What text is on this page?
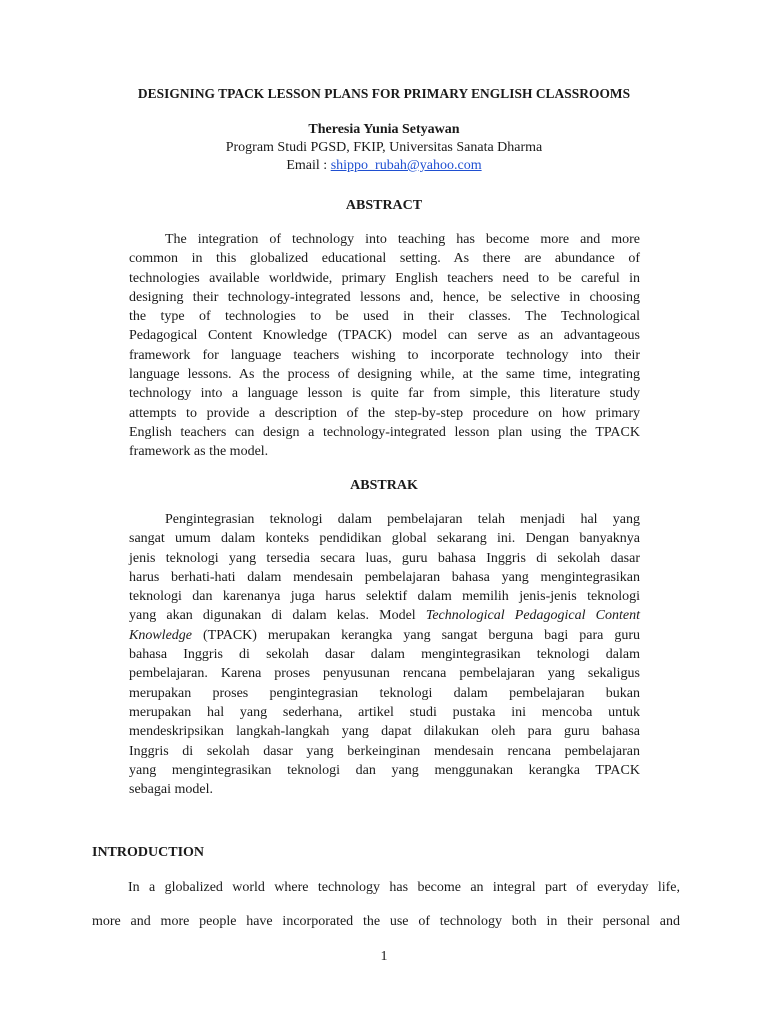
DESIGNING TPACK LESSON PLANS FOR PRIMARY ENGLISH CLASSROOMS
Theresia Yunia Setyawan
Program Studi PGSD, FKIP, Universitas Sanata Dharma
Email : shippo_rubah@yahoo.com
ABSTRACT
The integration of technology into teaching has become more and more
common in this globalized educational setting. As there are abundance of
technologies available worldwide, primary English teachers need to be careful in
designing their technology-integrated lessons and, hence, be selective in choosing
the type of technologies to be used in their classes. The Technological
Pedagogical Content Knowledge (TPACK) model can serve as an advantageous
framework for language teachers wishing to incorporate technology into their
language lessons. As the process of designing while, at the same time, integrating
technology into a language lesson is quite far from simple, this literature study
attempts to provide a description of the step-by-step procedure on how primary
English teachers can design a technology-integrated lesson plan using the TPACK
framework as the model.
ABSTRAK
Pengintegrasian teknologi dalam pembelajaran telah menjadi hal yang
sangat umum dalam konteks pendidikan global sekarang ini. Dengan banyaknya
jenis teknologi yang tersedia secara luas, guru bahasa Inggris di sekolah dasar
harus berhati-hati dalam mendesain pembelajaran bahasa yang mengintegrasikan
teknologi dan karenanya juga harus selektif dalam memilih jenis-jenis teknologi
yang akan digunakan di dalam kelas. Model Technological Pedagogical Content
Knowledge (TPACK) merupakan kerangka yang sangat berguna bagi para guru
bahasa Inggris di sekolah dasar dalam mengintegrasikan teknologi dalam
pembelajaran. Karena proses penyusunan rencana pembelajaran yang sekaligus
merupakan proses pengintegrasian teknologi dalam pembelajaran bukan
merupakan hal yang sederhana, artikel studi pustaka ini mencoba untuk
mendeskripsikan langkah-langkah yang dapat dilakukan oleh para guru bahasa
Inggris di sekolah dasar yang berkeinginan mendesain rencana pembelajaran
yang mengintegrasikan teknologi dan yang menggunakan kerangka TPACK
sebagai model.
INTRODUCTION
In a globalized world where technology has become an integral part of everyday life,
more and more people have incorporated the use of technology both in their personal and
1
